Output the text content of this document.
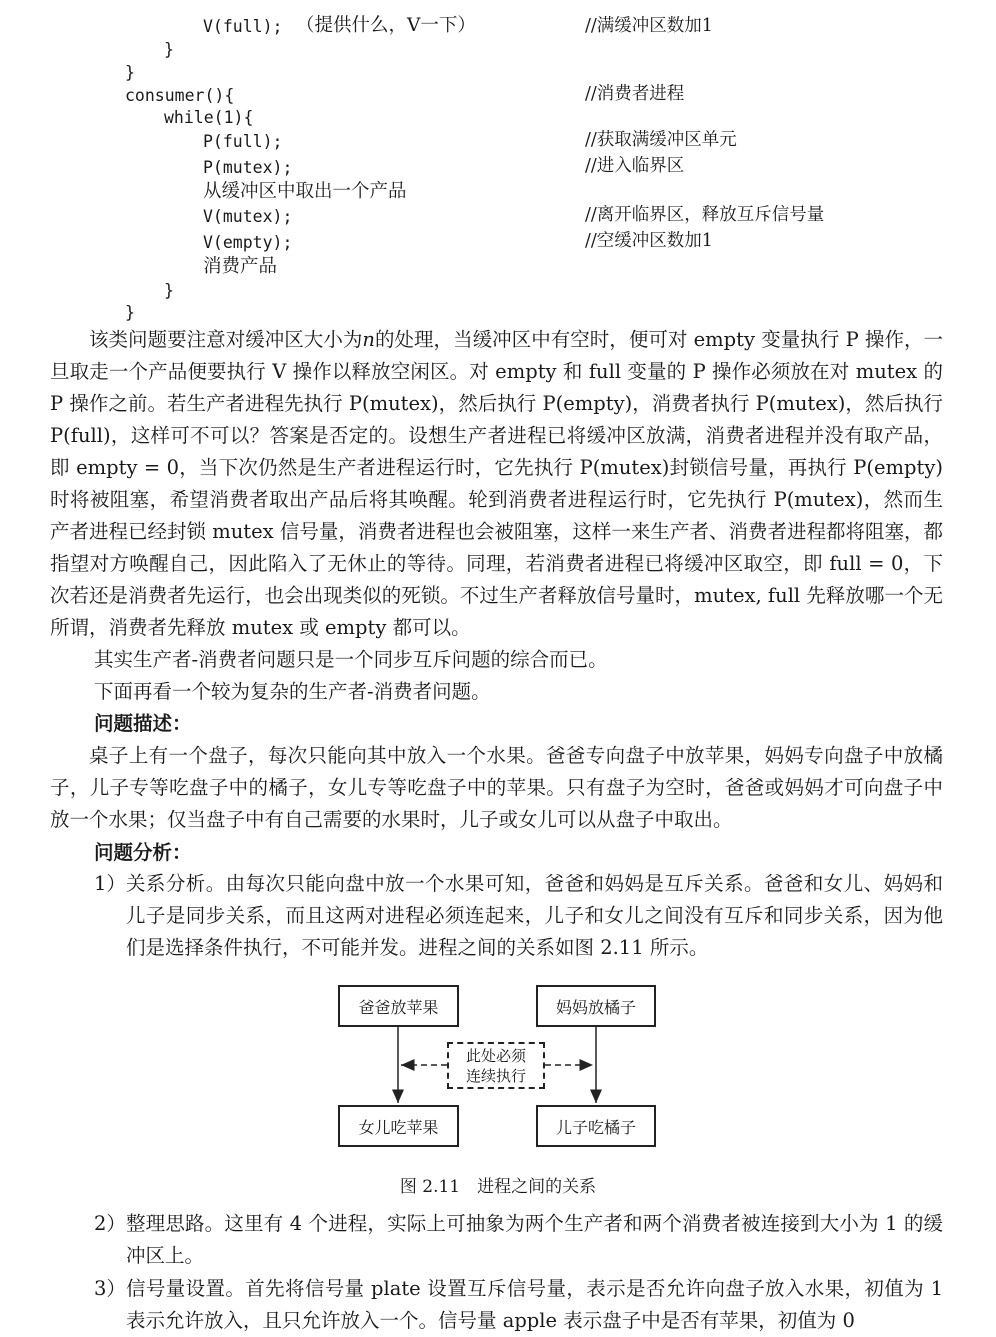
V(full); （提供什么，V一下）	//满缓冲区数加1
}
}
consumer(){	//消费者进程
while(1){
P(full);	//获取满缓冲区单元
P(mutex);	//进入临界区
从缓冲区中取出一个产品
V(mutex);	//离开临界区，释放互斥信号量
V(empty);	//空缓冲区数加1
消费产品
}
}

该类问题要注意对缓冲区大小为n的处理，当缓冲区中有空时，便可对 empty 变量执行 P 操作，一旦取走一个产品便要执行 V 操作以释放空闲区。对 empty 和 full 变量的 P 操作必须放在对 mutex 的 P 操作之前。若生产者进程先执行 P(mutex)，然后执行 P(empty)，消费者执行 P(mutex)，然后执行 P(full)，这样可不可以？答案是否定的。设想生产者进程已将缓冲区放满，消费者进程并没有取产品，即 empty = 0，当下次仍然是生产者进程运行时，它先执行 P(mutex)封锁信号量，再执行 P(empty)时将被阻塞，希望消费者取出产品后将其唤醒。轮到消费者进程运行时，它先执行 P(mutex)，然而生产者进程已经封锁 mutex 信号量，消费者进程也会被阻塞，这样一来生产者、消费者进程都将阻塞，都指望对方唤醒自己，因此陷入了无休止的等待。同理，若消费者进程已将缓冲区取空，即 full = 0，下次若还是消费者先运行，也会出现类似的死锁。不过生产者释放信号量时，mutex, full 先释放哪一个无所谓，消费者先释放 mutex 或 empty 都可以。

其实生产者-消费者问题只是一个同步互斥问题的综合而已。
下面再看一个较为复杂的生产者-消费者问题。
问题描述：

桌子上有一个盘子，每次只能向其中放入一个水果。爸爸专向盘子中放苹果，妈妈专向盘子中放橘子，儿子专等吃盘子中的橘子，女儿专等吃盘子中的苹果。只有盘子为空时，爸爸或妈妈才可向盘子中放一个水果；仅当盘子中有自己需要的水果时，儿子或女儿可以从盘子中取出。

问题分析：
1） 关系分析。由每次只能向盘中放一个水果可知，爸爸和妈妈是互斥关系。爸爸和女儿、妈妈和儿子是同步关系，而且这两对进程必须连起来，儿子和女儿之间没有互斥和同步关系，因为他们是选择条件执行，不可能并发。进程之间的关系如图 2.11 所示。
爸爸放苹果	妈妈放橘子
女儿吃苹果	儿子吃橘子
此处必须
连续执行
图 2.11　进程之间的关系
2） 整理思路。这里有 4 个进程，实际上可抽象为两个生产者和两个消费者被连接到大小为 1 的缓冲区上。
3） 信号量设置。首先将信号量 plate 设置互斥信号量，表示是否允许向盘子放入水果，初值为 1 表示允许放入，且只允许放入一个。信号量 apple 表示盘子中是否有苹果，初值为 0
